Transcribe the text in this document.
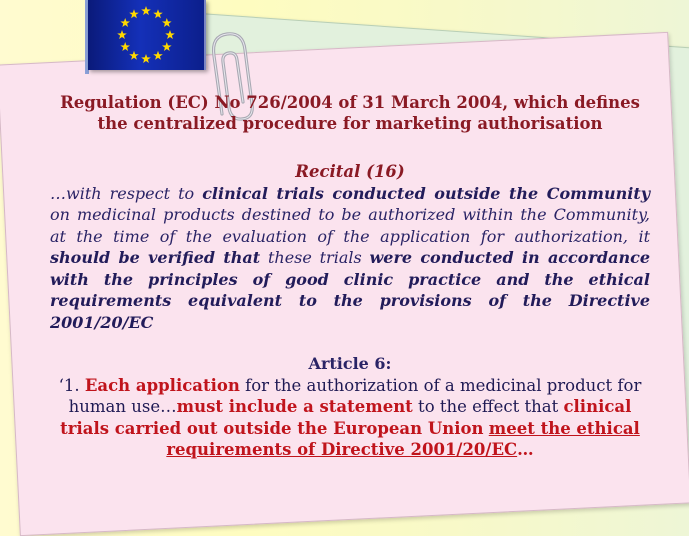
Regulation (EC) No 726/2004 of 31 March 2004, which defines
the centralized procedure for marketing authorisation
Recital (16)
…with respect to clinical trials conducted outside the Community on medicinal products destined to be authorized within the Community, at the time of the evaluation of the application for authorization, it should be verified that these trials were conducted in accordance with the principles of good clinic practice and the ethical requirements equivalent to the provisions of the Directive 2001/20/EC
Article 6:
‘1. Each application for the authorization of a medicinal product for human use…must include a statement to the effect that clinical trials carried out outside the European Union meet the ethical requirements of Directive 2001/20/EC…
